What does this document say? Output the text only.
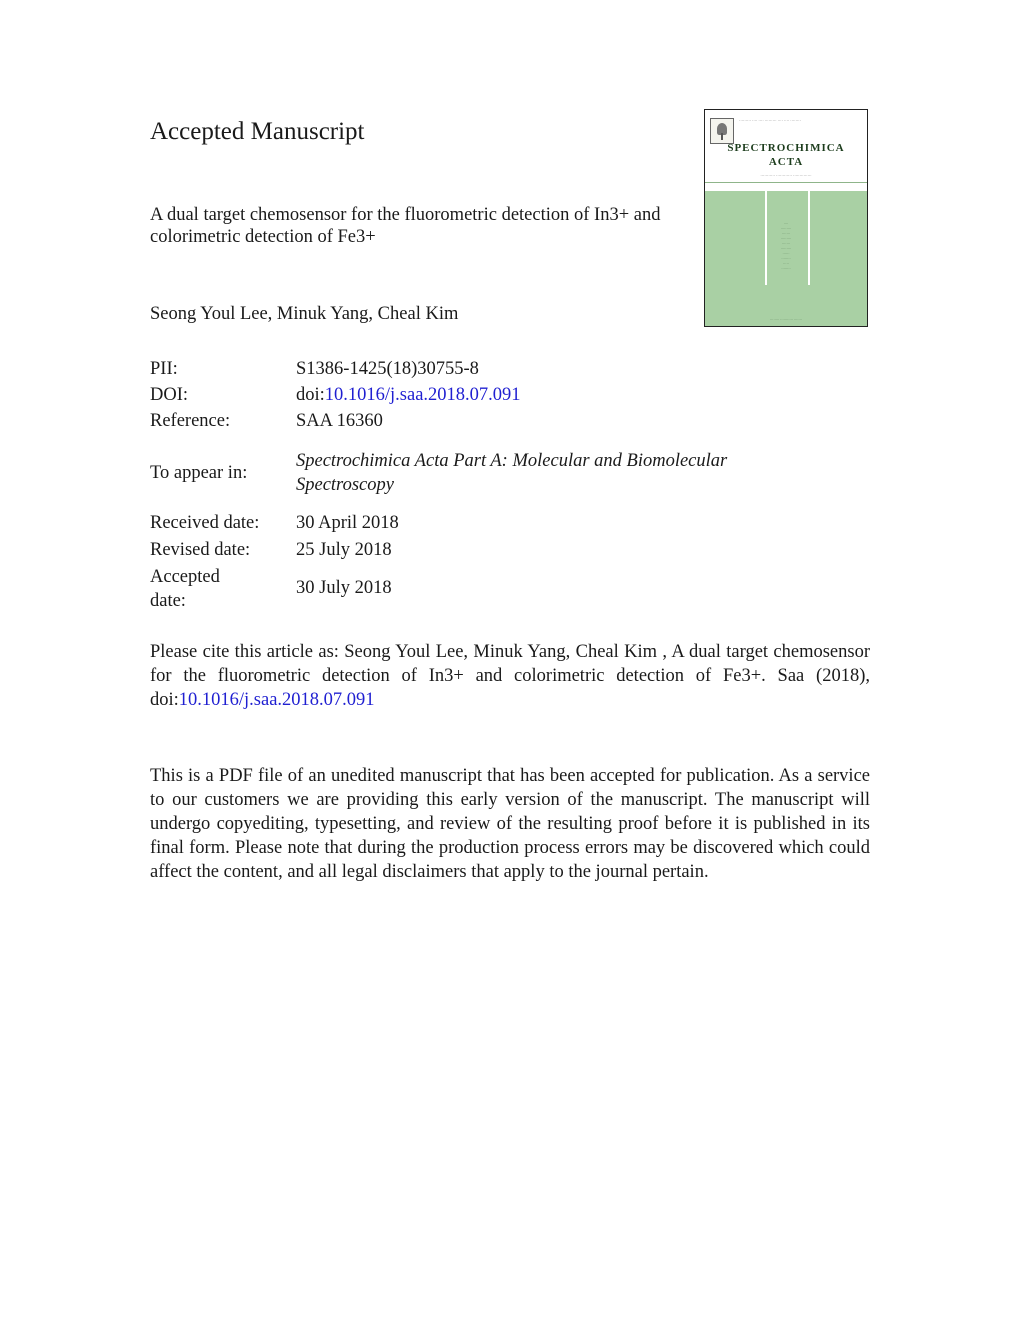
Accepted Manuscript
A dual target chemosensor for the fluorometric detection of In3+ and colorimetric detection of Fe3+
Seong Youl Lee, Minuk Yang, Cheal Kim
PII:	S1386-1425(18)30755-8
DOI:	doi:10.1016/j.saa.2018.07.091
Reference:	SAA 16360
To appear in:
Spectrochimica Acta Part A: Molecular and Biomolecular
Spectroscopy
Received date: 30 April 2018
Revised date: 25 July 2018
Accepted
date:
30 July 2018

Please cite this article as: Seong Youl Lee, Minuk Yang, Cheal Kim , A dual target chemosensor for the fluorometric detection of In3+ and colorimetric detection of Fe3+. Saa (2018), doi:10.1016/j.saa.2018.07.091

This is a PDF file of an unedited manuscript that has been accepted for publication. As a service to our customers we are providing this early version of the manuscript. The manuscript will undergo copyediting, typesetting, and review of the resulting proof before it is published in its final form. Please note that during the production process errors may be discovered which could affect the content, and all legal disclaimers that apply to the journal pertain.

········· ···· ···· ········· ···· ···· ········
SPECTROCHIMICA
ACTA
··········· ············ ··············
····
·········
·······
·········
·······
·········
······
········
·····
········
········ ··········· ·······
